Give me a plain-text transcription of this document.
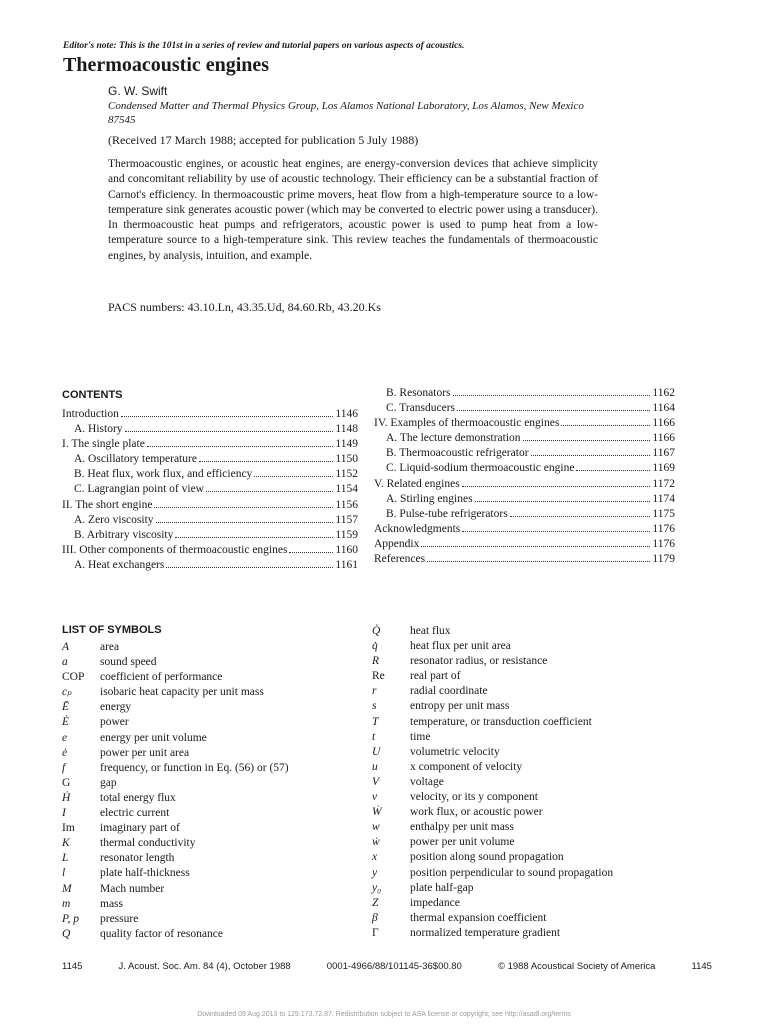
Editor's note: This is the 101st in a series of review and tutorial papers on various aspects of acoustics.
Thermoacoustic engines
G. W. Swift
Condensed Matter and Thermal Physics Group, Los Alamos National Laboratory, Los Alamos, New Mexico 87545
(Received 17 March 1988; accepted for publication 5 July 1988)
Thermoacoustic engines, or acoustic heat engines, are energy-conversion devices that achieve simplicity and concomitant reliability by use of acoustic technology. Their efficiency can be a substantial fraction of Carnot's efficiency. In thermoacoustic prime movers, heat flow from a high-temperature source to a low-temperature sink generates acoustic power (which may be converted to electric power using a transducer). In thermoacoustic heat pumps and refrigerators, acoustic power is used to pump heat from a low-temperature source to a high-temperature sink. This review teaches the fundamentals of thermoacoustic engines, by analysis, intuition, and example.
PACS numbers: 43.10.Ln, 43.35.Ud, 84.60.Rb, 43.20.Ks
CONTENTS
Introduction	1146
A. History	1148
I. The single plate	1149
A. Oscillatory temperature	1150
B. Heat flux, work flux, and efficiency	1152
C. Lagrangian point of view	1154
II. The short engine	1156
A. Zero viscosity	1157
B. Arbitrary viscosity	1159
III. Other components of thermoacoustic engines	1160
A. Heat exchangers	1161
B. Resonators	1162
C. Transducers	1164
IV. Examples of thermoacoustic engines	1166
A. The lecture demonstration	1166
B. Thermoacoustic refrigerator	1167
C. Liquid-sodium thermoacoustic engine	1169
V. Related engines	1172
A. Stirling engines	1174
B. Pulse-tube refrigerators	1175
Acknowledgments	1176
Appendix	1176
References	1179
LIST OF SYMBOLS
A	area
a	sound speed
COP	coefficient of performance
cₚ	isobaric heat capacity per unit mass
Ē	energy
Ė	power
e	energy per unit volume
ė	power per unit area
f	frequency, or function in Eq. (56) or (57)
G	gap
Ḣ	total energy flux
I	electric current
Im	imaginary part of
K	thermal conductivity
L	resonator length
l	plate half-thickness
M	Mach number
m	mass
P, p	pressure
Q	quality factor of resonance
Q̇	heat flux
q̇	heat flux per unit area
R	resonator radius, or resistance
Re	real part of
r	radial coordinate
s	entropy per unit mass
T	temperature, or transduction coefficient
t	time
U	volumetric velocity
u	x component of velocity
V	voltage
v	velocity, or its y component
Ẇ	work flux, or acoustic power
w	enthalpy per unit mass
ẇ	power per unit volume
x	position along sound propagation
y	position perpendicular to sound propagation
y₀	plate half-gap
Z	impedance
β	thermal expansion coefficient
Γ	normalized temperature gradient
1145	J. Acoust. Soc. Am. 84 (4), October 1988	0001-4966/88/101145-36$00.80	© 1988 Acoustical Society of America	1145
Downloaded 09 Aug 2013 to 129.173.72.87. Redistribution subject to ASA license or copyright; see http://asadl.org/terms
